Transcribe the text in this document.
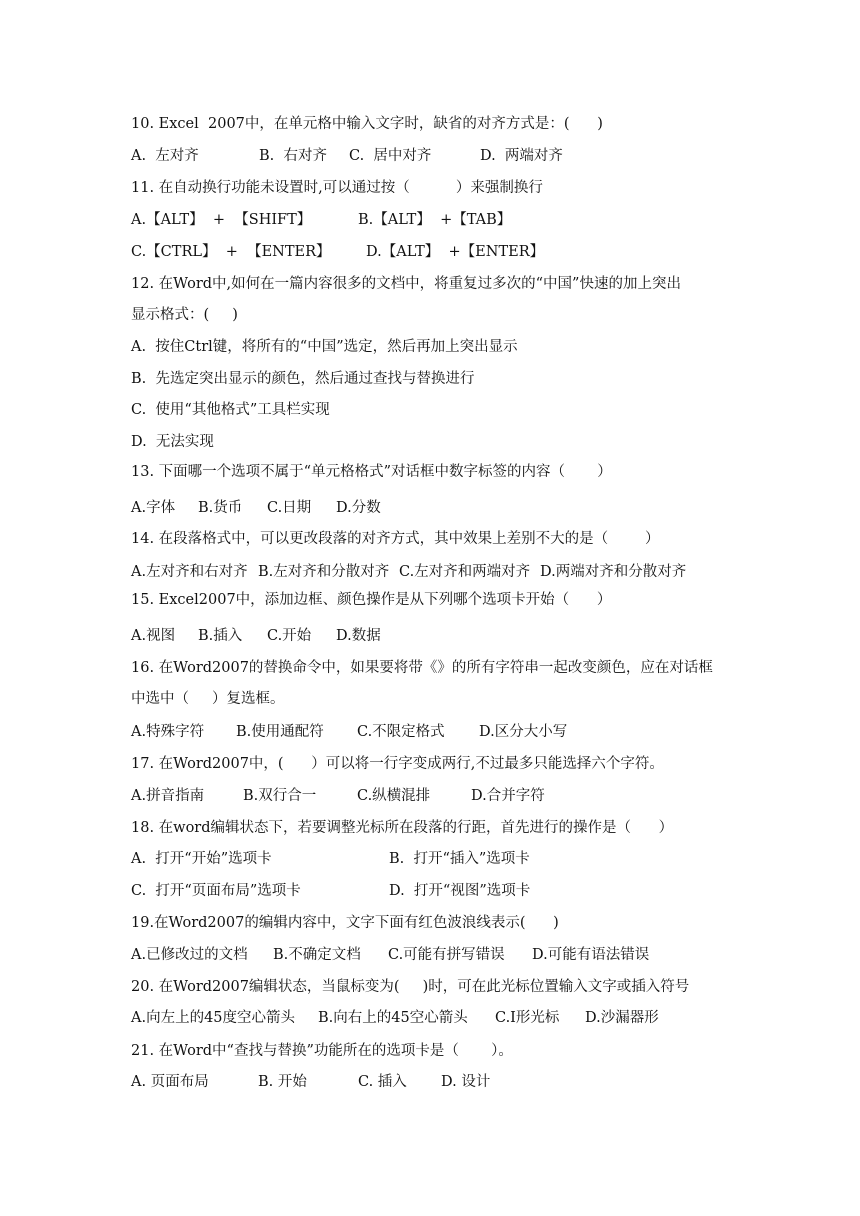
10. Excel  2007中，在单元格中输入文字时，缺省的对齐方式是：(      )

A.  左对齐

	B.  右对齐

C.  居中对齐

	D.  两端对齐

11. 在自动换行功能未设置时,可以通过按（          ）来强制换行

A.【ALT】  +  【SHIFT】

	B.【ALT】  +【TAB】

C.【CTRL】  +  【ENTER】

D.【ALT】  +【ENTER】

12. 在Word中,如何在一篇内容很多的文档中，将重复过多次的“中国”快速的加上突出
显示格式：(     )
A.  按住Ctrl键，将所有的“中国”选定，然后再加上突出显示
B.  先选定突出显示的颜色，然后通过查找与替换进行
C.  使用“其他格式”工具栏实现
D.  无法实现
13. 下面哪一个选项不属于“单元格格式”对话框中数字标签的内容（       ）

A.字体

B.货币

C.日期

D.分数

14. 在段落格式中，可以更改段落的对齐方式，其中效果上差别不大的是（        ）

A.左对齐和右对齐

B.左对齐和分散对齐

C.左对齐和两端对齐

D.两端对齐和分散对齐

15. Excel2007中，添加边框、颜色操作是从下列哪个选项卡开始（      ）

A.视图

B.插入

C.开始

D.数据

16. 在Word2007的替换命令中，如果要将带《》的所有字符串一起改变颜色，应在对话框
中选中（     ）复选框。

A.特殊字符

B.使用通配符

C.不限定格式

D.区分大小写

17. 在Word2007中，(      ）可以将一行字变成两行,不过最多只能选择六个字符。

A.拼音指南

	B.双行合一

	C.纵横混排

	D.合并字符

18. 在word编辑状态下，若要调整光标所在段落的行距，首先进行的操作是（      ）

A.  打开“开始”选项卡

	B.  打开“插入”选项卡

C.  打开“页面布局”选项卡

	D.  打开“视图”选项卡

19.在Word2007的编辑内容中，文字下面有红色波浪线表示(      )

A.已修改过的文档

B.不确定文档

C.可能有拼写错误

D.可能有语法错误

20. 在Word2007编辑状态，当鼠标变为(     )时，可在此光标位置输入文字或插入符号

A.向左上的45度空心箭头

B.向右上的45空心箭头

C.I形光标

D.沙漏器形

21. 在Word中“查找与替换”功能所在的选项卡是（       ）。

A. 页面布局

	B. 开始

	C. 插入

D. 设计
